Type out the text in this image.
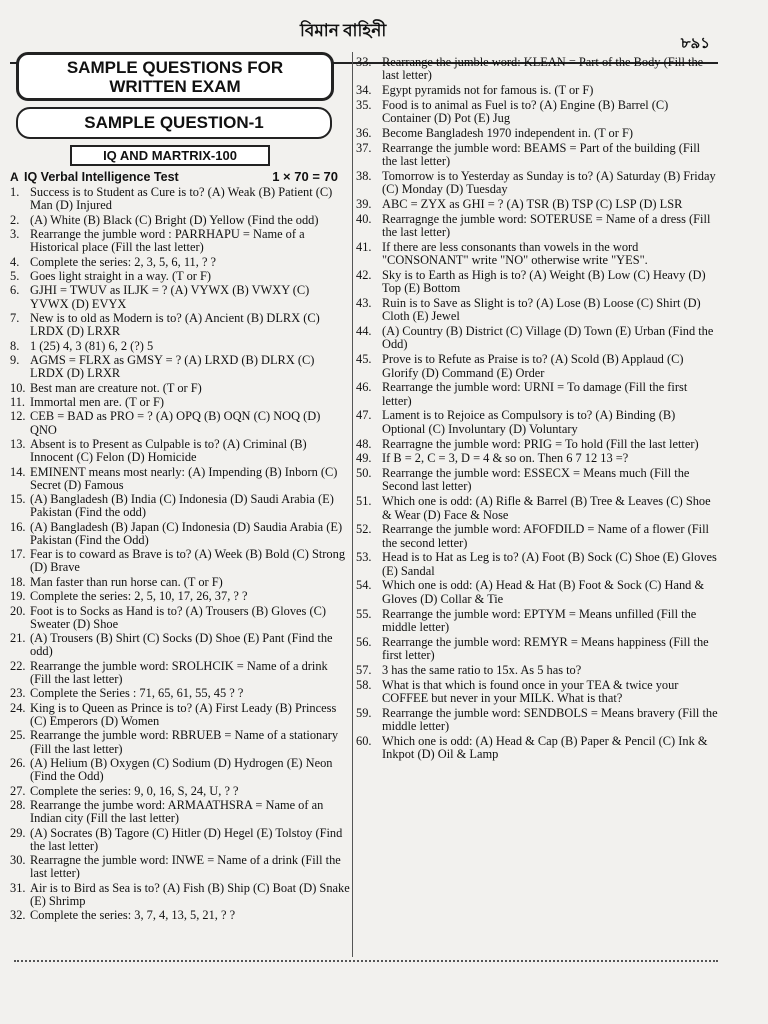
বিমান বাহিনী
৮৯১
SAMPLE QUESTIONS FOR
WRITTEN EXAM
SAMPLE QUESTION-1
IQ AND MARTRIX-100
A IQ Verbal Intelligence Test	1 × 70 = 70
1. Success is to Student as Cure is to? (A) Weak (B) Patient (C) Man (D) Injured
2. (A) White (B) Black (C) Bright (D) Yellow (Find the odd)
3. Rearrange the jumble word : PARRHAPU = Name of a Historical place (Fill the last letter)
4. Complete the series: 2, 3, 5, 6, 11, ? ?
5. Goes light straight in a way. (T or F)
6. GJHI = TWUV as ILJK = ? (A) VYWX (B) VWXY (C) YVWX (D) EVYX
7. New is to old as Modern is to? (A) Ancient (B) DLRX (C) LRDX (D) LRXR
8. 1 (25) 4, 3 (81) 6, 2 (?) 5
9. AGMS = FLRX as GMSY = ? (A) LRXD (B) DLRX (C) LRDX (D) LRXR
10. Best man are creature not. (T or F)
11. Immortal men are. (T or F)
12. CEB = BAD as PRO = ? (A) OPQ (B) OQN (C) NOQ (D) QNO
13. Absent is to Present as Culpable is to? (A) Criminal (B) Innocent (C) Felon (D) Homicide
14. EMINENT means most nearly: (A) Impending (B) Inborn (C) Secret (D) Famous
15. (A) Bangladesh (B) India (C) Indonesia (D) Saudi Arabia (E) Pakistan (Find the odd)
16. (A) Bangladesh (B) Japan (C) Indonesia (D) Saudia Arabia (E) Pakistan (Find the Odd)
17. Fear is to coward as Brave is to? (A) Week (B) Bold (C) Strong (D) Brave
18. Man faster than run horse can. (T or F)
19. Complete the series: 2, 5, 10, 17, 26, 37, ? ?
20. Foot is to Socks as Hand is to? (A) Trousers (B) Gloves (C) Sweater (D) Shoe
21. (A) Trousers (B) Shirt (C) Socks (D) Shoe (E) Pant (Find the odd)
22. Rearrange the jumble word: SROLHCIK = Name of a drink (Fill the last letter)
23. Complete the Series : 71, 65, 61, 55, 45 ? ?
24. King is to Queen as Prince is to? (A) First Leady (B) Princess (C) Emperors (D) Women
25. Rearrange the jumble word: RBRUEB = Name of a stationary (Fill the last letter)
26. (A) Helium (B) Oxygen (C) Sodium (D) Hydrogen (E) Neon (Find the Odd)
27. Complete the series: 9, 0, 16, S, 24, U, ? ?
28. Rearrange the jumbe word: ARMAATHSRA = Name of an Indian city (Fill the last letter)
29. (A) Socrates (B) Tagore (C) Hitler (D) Hegel (E) Tolstoy (Find the last letter)
30. Rearragne the jumble word: INWE = Name of a drink (Fill the last letter)
31. Air is to Bird as Sea is to? (A) Fish (B) Ship (C) Boat (D) Snake (E) Shrimp
32. Complete the series: 3, 7, 4, 13, 5, 21, ? ?
33. Rearrange the jumble word: KLEAN = Part of the Body (Fill the last letter)
34. Egypt pyramids not for famous is. (T or F)
35. Food is to animal as Fuel is to? (A) Engine (B) Barrel (C) Container (D) Pot (E) Jug
36. Become Bangladesh 1970 independent in. (T or F)
37. Rearrange the jumble word: BEAMS = Part of the building (Fill the last letter)
38. Tomorrow is to Yesterday as Sunday is to? (A) Saturday (B) Friday (C) Monday (D) Tuesday
39. ABC = ZYX as GHI = ? (A) TSR (B) TSP (C) LSP (D) LSR
40. Rearragnge the jumble word: SOTERUSE = Name of a dress (Fill the last letter)
41. If there are less consonants than vowels in the word "CONSONANT" write "NO" otherwise write "YES".
42. Sky is to Earth as High is to? (A) Weight (B) Low (C) Heavy (D) Top (E) Bottom
43. Ruin is to Save as Slight is to? (A) Lose (B) Loose (C) Shirt (D) Cloth (E) Jewel
44. (A) Country (B) District (C) Village (D) Town (E) Urban (Find the Odd)
45. Prove is to Refute as Praise is to? (A) Scold (B) Applaud (C) Glorify (D) Command (E) Order
46. Rearrange the jumble word: URNI = To damage (Fill the first letter)
47. Lament is to Rejoice as Compulsory is to? (A) Binding (B) Optional (C) Involuntary (D) Voluntary
48. Rearragne the jumble word: PRIG = To hold (Fill the last letter)
49. If B = 2, C = 3, D = 4 & so on. Then 6 7 12 13 =?
50. Rearrange the jumble word: ESSECX = Means much (Fill the Second last letter)
51. Which one is odd: (A) Rifle & Barrel (B) Tree & Leaves (C) Shoe & Wear (D) Face & Nose
52. Rearrange the jumble word: AFOFDILD = Name of a flower (Fill the second letter)
53. Head is to Hat as Leg is to? (A) Foot (B) Sock (C) Shoe (E) Gloves (E) Sandal
54. Which one is odd: (A) Head & Hat (B) Foot & Sock (C) Hand & Gloves (D) Collar & Tie
55. Rearrange the jumble word: EPTYM = Means unfilled (Fill the middle letter)
56. Rearrange the jumble word: REMYR = Means happiness (Fill the first letter)
57. 3 has the same ratio to 15x. As 5 has to?
58. What is that which is found once in your TEA & twice your COFFEE but never in your MILK. What is that?
59. Rearrange the jumble word: SENDBOLS = Means bravery (Fill the middle letter)
60. Which one is odd: (A) Head & Cap (B) Paper & Pencil (C) Ink & Inkpot (D) Oil & Lamp
